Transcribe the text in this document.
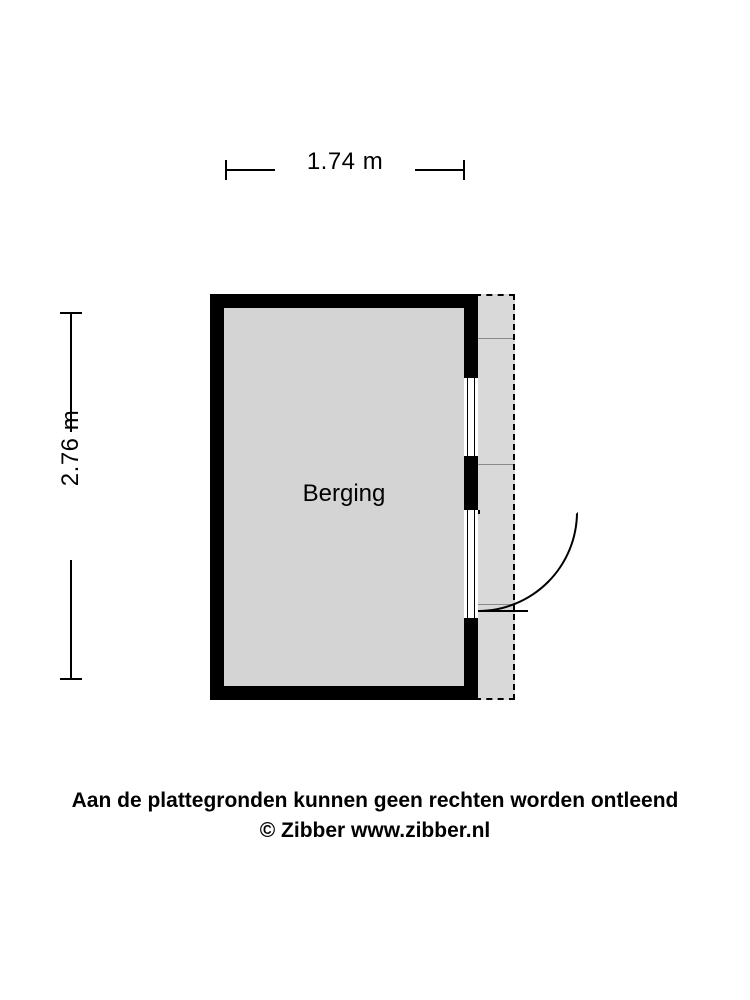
1.74 m
2.76 m
Berging
Aan de plattegronden kunnen geen rechten worden ontleend
© Zibber www.zibber.nl
